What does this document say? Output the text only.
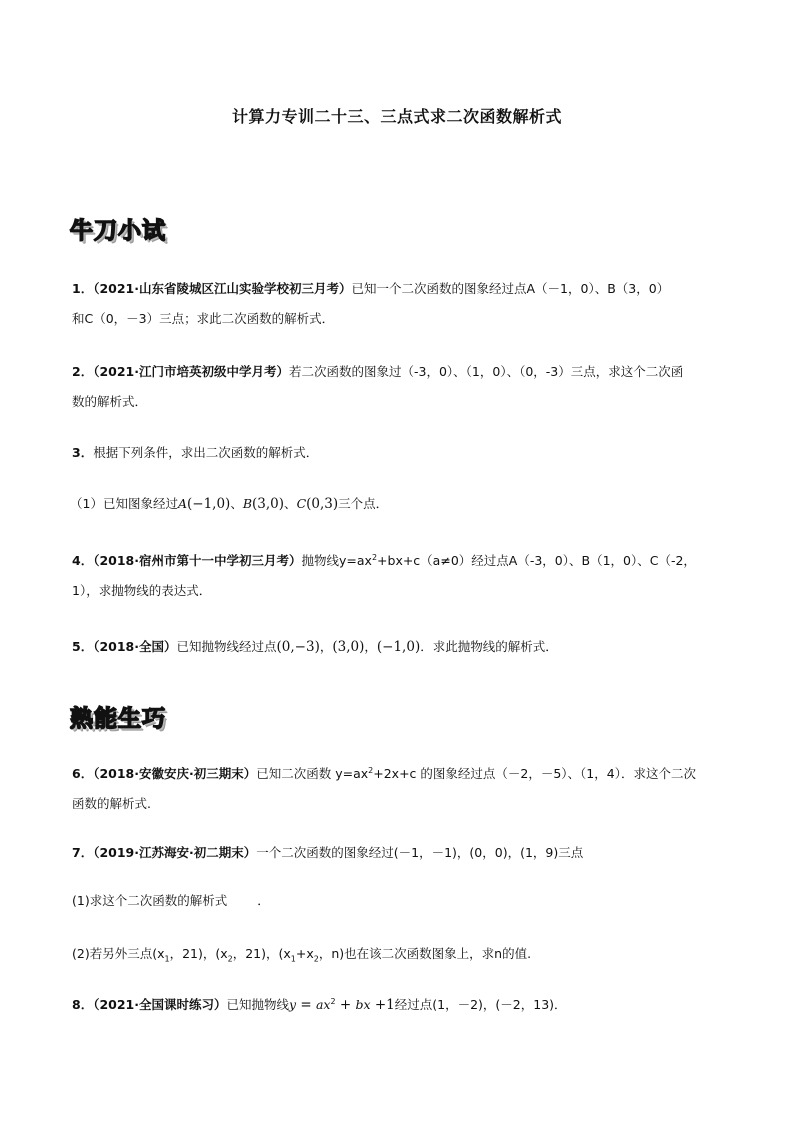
计算力专训二十三、三点式求二次函数解析式
牛刀小试
1．（2021·山东省陵城区江山实验学校初三月考）已知一个二次函数的图象经过点A（－1，0）、B（3，0）
和C（0，－3）三点；求此二次函数的解析式．
2．（2021·江门市培英初级中学月考）若二次函数的图象过（-3，0）、（1，0）、（0，-3）三点，求这个二次函
数的解析式．
3．根据下列条件，求出二次函数的解析式．
（1）已知图象经过A(−1,0)、B(3,0)、C(0,3)三个点．
4．（2018·宿州市第十一中学初三月考）抛物线$y=ax^2+bx+c(a\ne 0)$经过点A（-3，0）、B（1，0）、C（-2，
1），求抛物线的表达式．
5．（2018·全国）已知抛物线经过点(0,−3)，(3,0)，(−1,0)．求此抛物线的解析式．
熟能生巧
6．（2018·安徽安庆·初三期末）已知二次函数 $y=ax^2+2x+c$ 的图象经过点（－2，－5）、（1，4）．求这个二次
函数的解析式.
7．（2019·江苏海安·初二期末）一个二次函数的图象经过(－1，－1)，(0，0)，(1，9)三点
(1)求这个二次函数的解析式 ．
(2)若另外三点($x_1$，21)，($x_2$，21)，($x_1+x_2$，n)也在该二次函数图象上，求n的值.
8．（2021·全国课时练习）已知抛物线$y = ax^2$ + bx +1经过点(1，－2)，(－2，13)．
